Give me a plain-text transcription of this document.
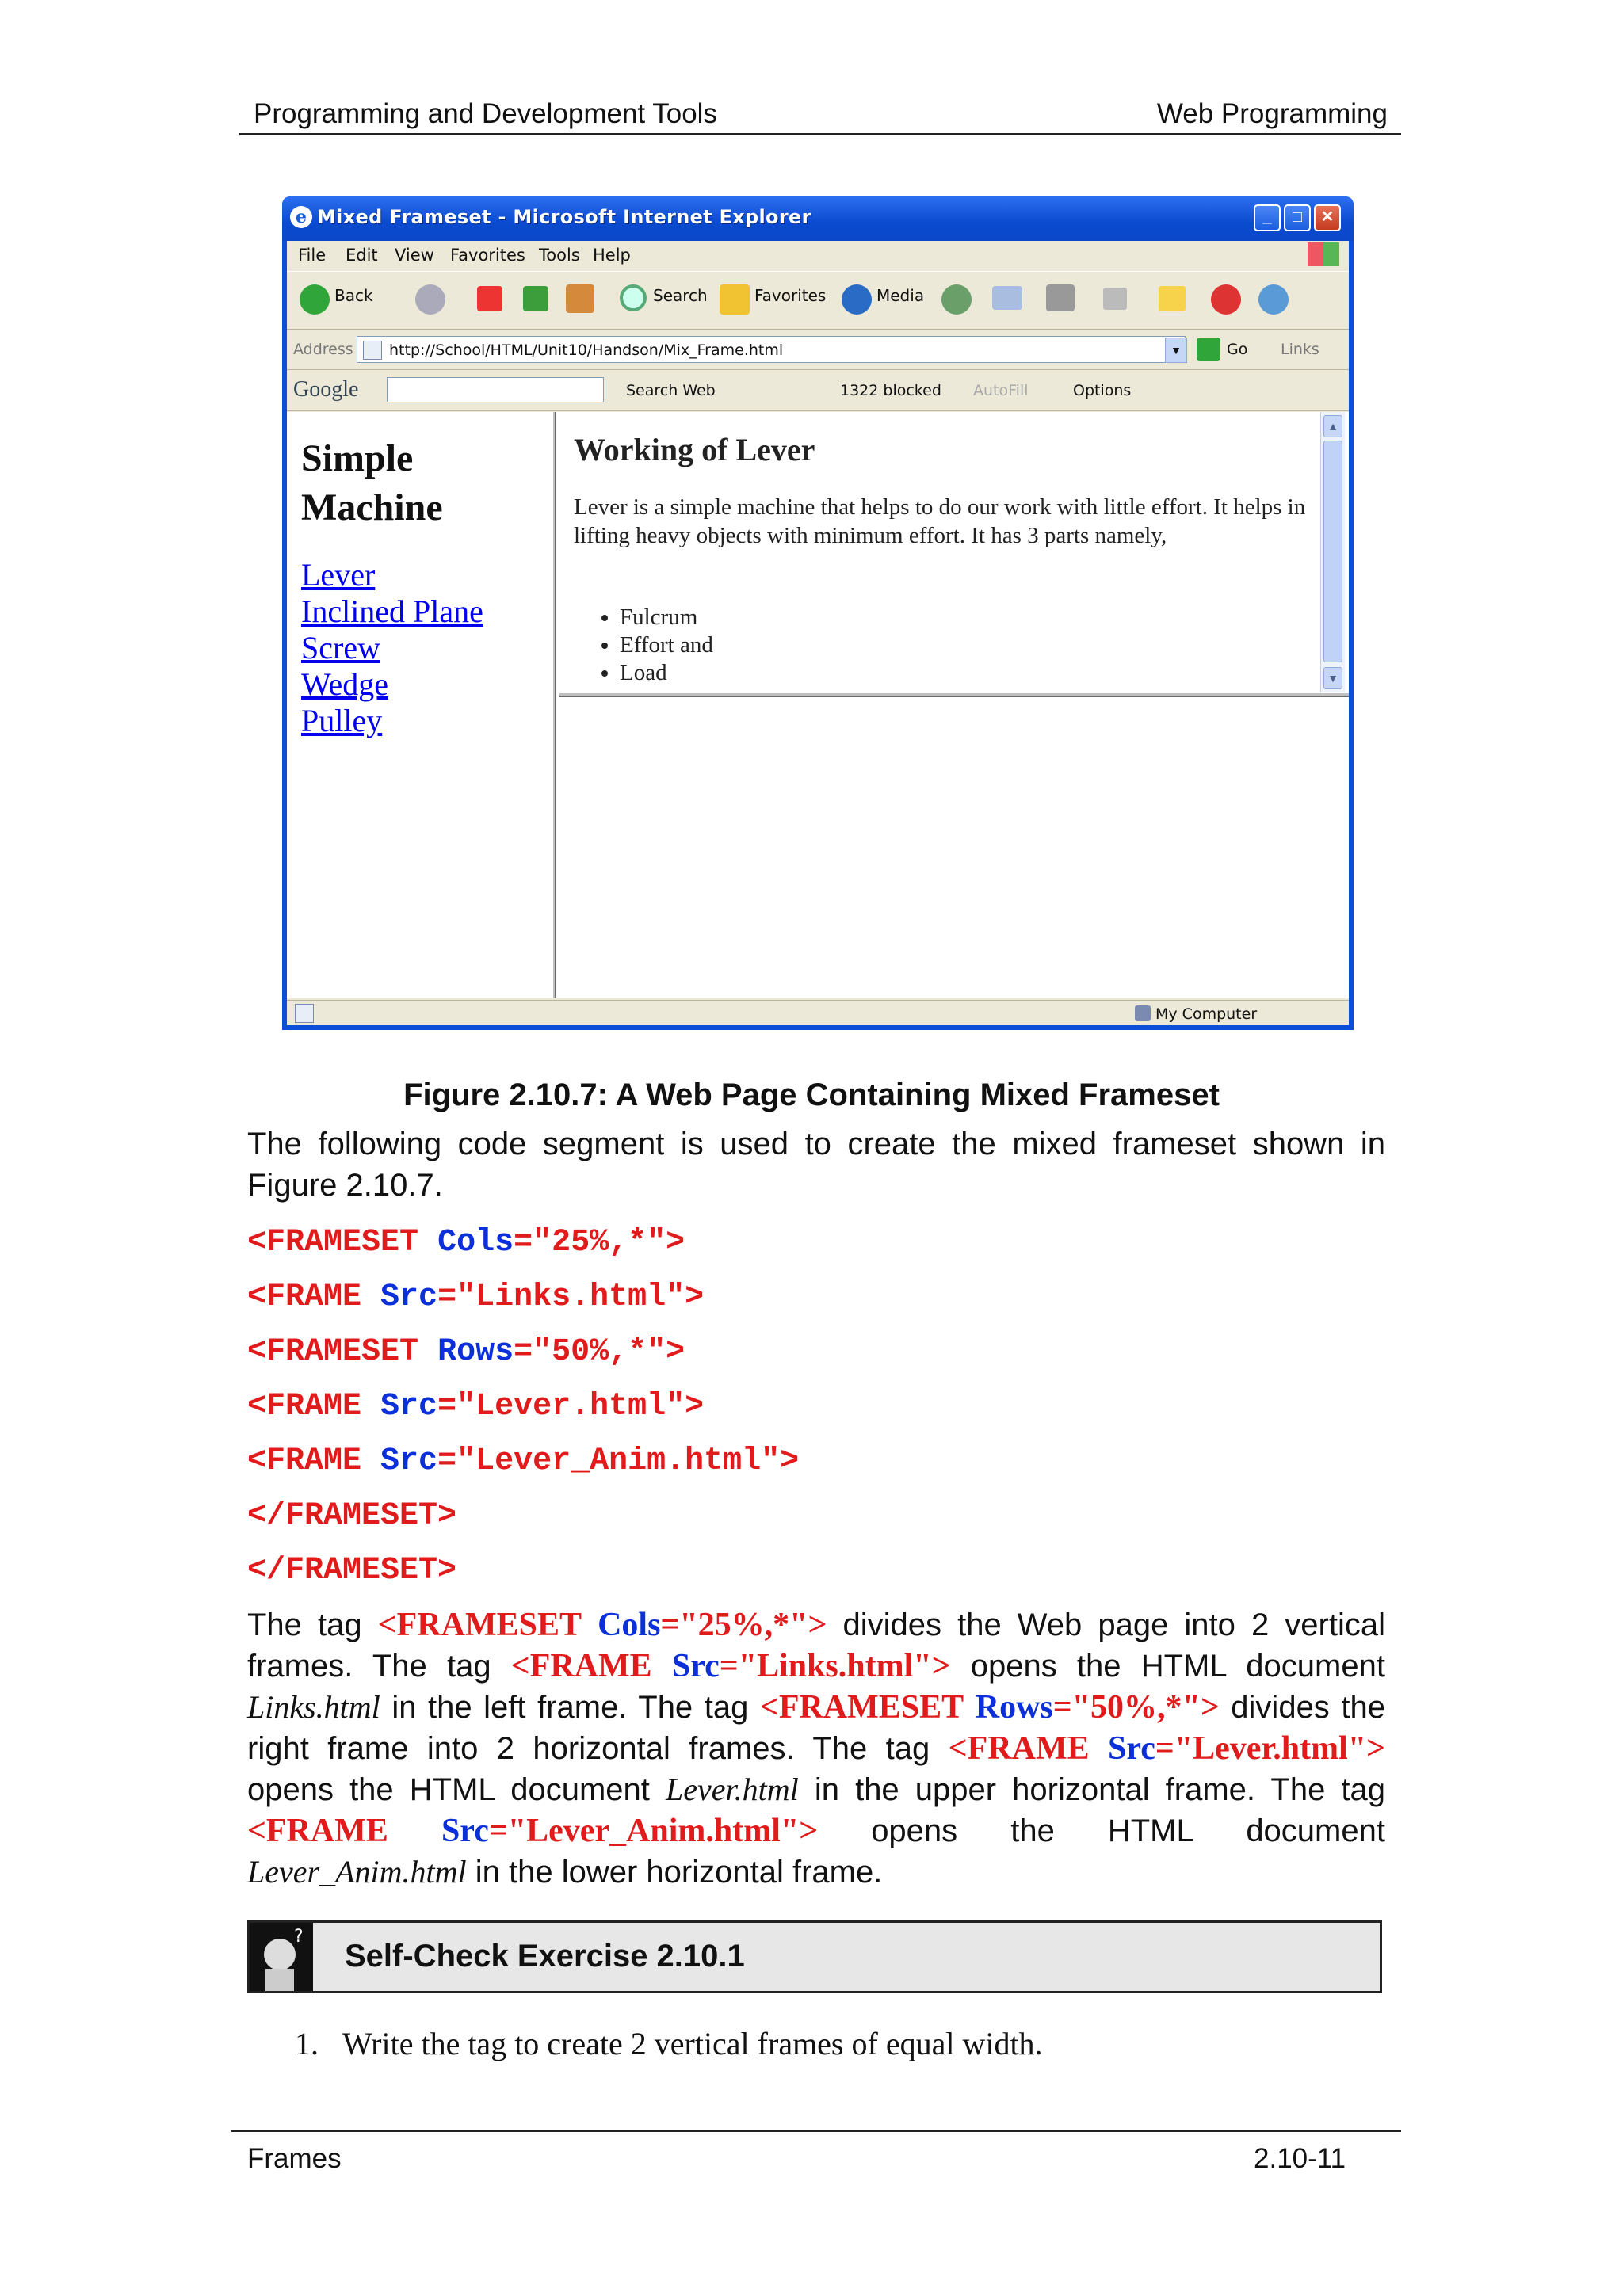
Programming and Development Tools	Web Programming
e Mixed Frameset - Microsoft Internet Explorer	_	□	✕
File Edit View Favorites Tools Help
Back	Search	Favorites	Media
Address	http://School/HTML/Unit10/Handson/Mix_Frame.html	▼	Go Links
Google	Search Web	1322 blocked AutoFill	Options
Simple
Machine
Lever
Inclined Plane
Screw
Wedge
Pulley
Working of Lever
Lever is a simple machine that helps to do our work with little effort. It helps in lifting heavy objects with minimum effort. It has 3 parts namely,
• Fulcrum
• Effort and
• Load
▲
▼
My Computer
Figure 2.10.7: A Web Page Containing Mixed Frameset
The following code segment is used to create the mixed frameset shown in Figure 2.10.7.
<FRAMESET Cols="25%,*">
<FRAME Src="Links.html">
<FRAMESET Rows="50%,*">
<FRAME Src="Lever.html">
<FRAME Src="Lever_Anim.html">
</FRAMESET>
</FRAMESET>
The tag <FRAMESET Cols="25%,*"> divides the Web page into 2 vertical frames. The tag <FRAME Src="Links.html"> opens the HTML document Links.html in the left frame. The tag <FRAMESET Rows="50%,*"> divides the right frame into 2 horizontal frames. The tag <FRAME Src="Lever.html"> opens the HTML document Lever.html in the upper horizontal frame. The tag <FRAME Src="Lever_Anim.html"> opens the HTML document Lever_Anim.html in the lower horizontal frame.
?
Self-Check Exercise 2.10.1
1. Write the tag to create 2 vertical frames of equal width.
Frames	2.10-11
